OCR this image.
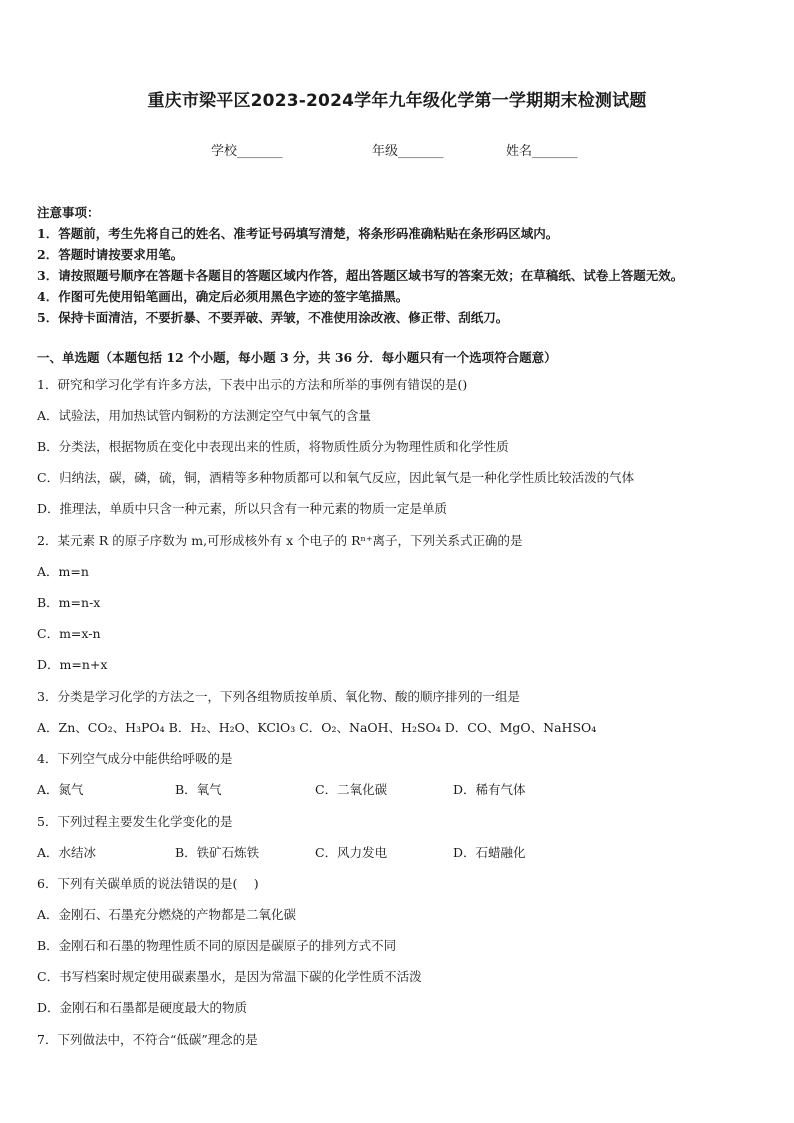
重庆市梁平区2023-2024学年九年级化学第一学期期末检测试题
学校_______	年级_______	姓名_______
注意事项：
1．答题前，考生先将自己的姓名、准考证号码填写清楚，将条形码准确粘贴在条形码区域内。
2．答题时请按要求用笔。
3．请按照题号顺序在答题卡各题目的答题区域内作答，超出答题区域书写的答案无效；在草稿纸、试卷上答题无效。
4．作图可先使用铅笔画出，确定后必须用黑色字迹的签字笔描黑。
5．保持卡面清洁，不要折暴、不要弄破、弄皱，不准使用涂改液、修正带、刮纸刀。
一、单选题（本题包括 12 个小题，每小题 3 分，共 36 分．每小题只有一个选项符合题意）
1．研究和学习化学有许多方法，下表中出示的方法和所举的事例有错误的是()
A．试验法，用加热试管内铜粉的方法测定空气中氧气的含量
B．分类法，根据物质在变化中表现出来的性质，将物质性质分为物理性质和化学性质
C．归纳法，碳，磷，硫，铜，酒精等多种物质都可以和氧气反应，因此氧气是一种化学性质比较活泼的气体
D．推理法，单质中只含一种元素，所以只含有一种元素的物质一定是单质
2．某元素 R 的原子序数为 m,可形成核外有 x 个电子的 Rⁿ⁺离子，下列关系式正确的是
A．m=n
B．m=n-x
C．m=x-n
D．m=n+x
3．分类是学习化学的方法之一，下列各组物质按单质、氧化物、酸的顺序排列的一组是
A．Zn、CO₂、H₃PO₄ B．H₂、H₂O、KClO₃ C．O₂、NaOH、H₂SO₄ D．CO、MgO、NaHSO₄
4．下列空气成分中能供给呼吸的是
A．氮气	B．氧气	C．二氧化碳	D．稀有气体
5．下列过程主要发生化学变化的是
A．水结冰	B．铁矿石炼铁	C．风力发电	D．石蜡融化
6．下列有关碳单质的说法错误的是(　 )
A．金刚石、石墨充分燃烧的产物都是二氧化碳
B．金刚石和石墨的物理性质不同的原因是碳原子的排列方式不同
C．书写档案时规定使用碳素墨水，是因为常温下碳的化学性质不活泼
D．金刚石和石墨都是硬度最大的物质
7．下列做法中，不符合“低碳”理念的是
